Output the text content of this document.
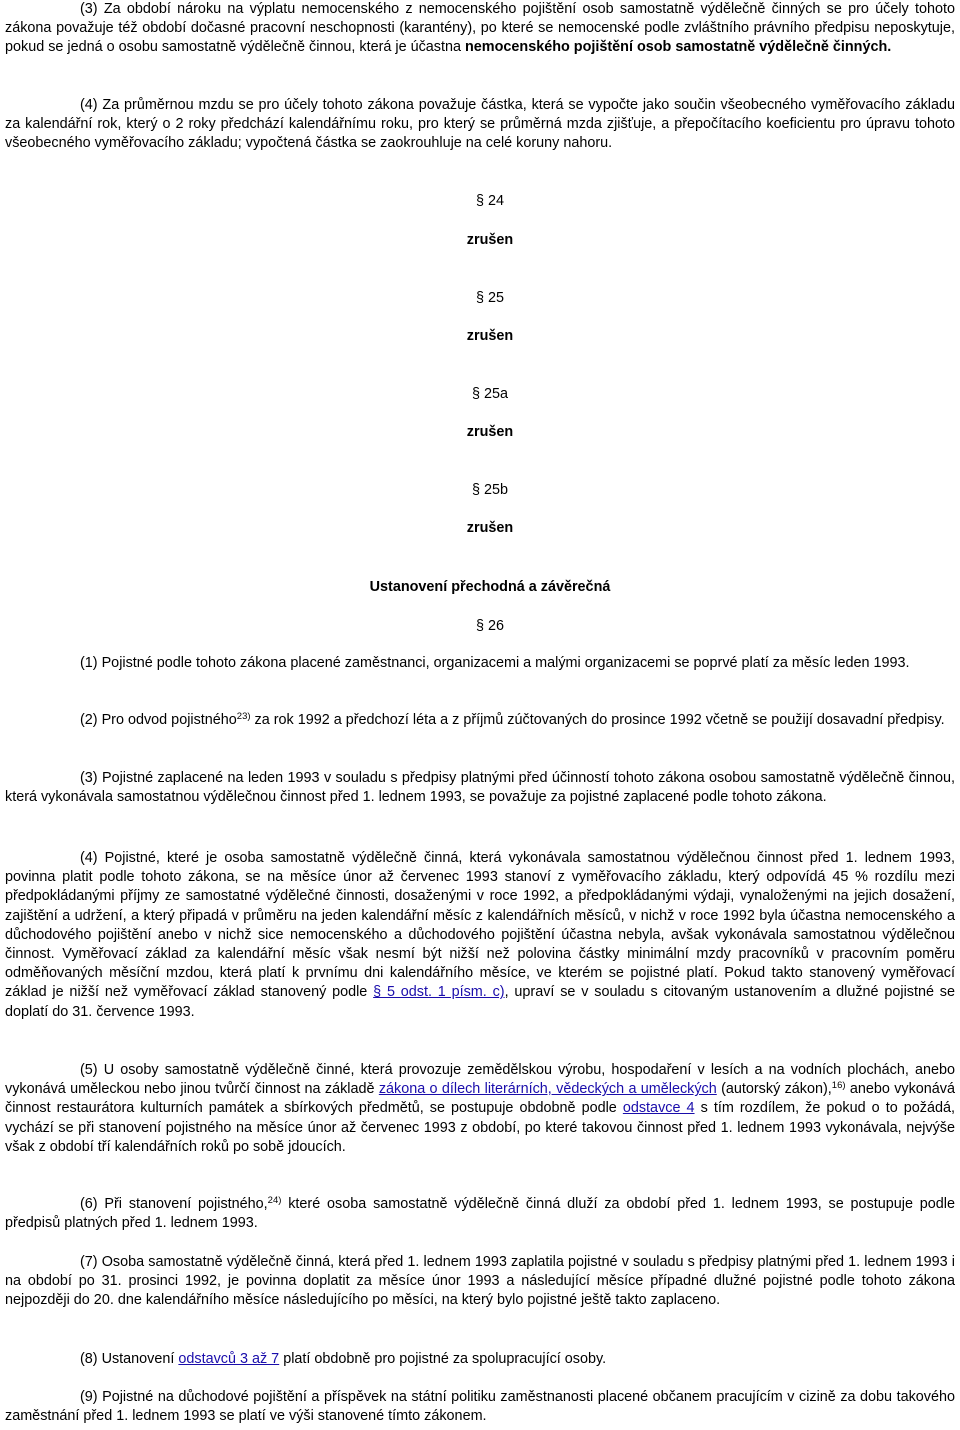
(3) Za období nároku na výplatu nemocenského z nemocenského pojištění osob samostatně výdělečně činných se pro účely tohoto zákona považuje též období dočasné pracovní neschopnosti (karantény), po které se nemocenské podle zvláštního právního předpisu neposkytuje, pokud se jedná o osobu samostatně výdělečně činnou, která je účastna nemocenského pojištění osob samostatně výdělečně činných.

(4) Za průměrnou mzdu se pro účely tohoto zákona považuje částka, která se vypočte jako součin všeobecného vyměřovacího základu za kalendářní rok, který o 2 roky předchází kalendářnímu roku, pro který se průměrná mzda zjišťuje, a přepočítacího koeficientu pro úpravu tohoto všeobecného vyměřovacího základu; vypočtená částka se zaokrouhluje na celé koruny nahoru.

§ 24

zrušen

§ 25

zrušen

§ 25a

zrušen

§ 25b

zrušen

Ustanovení přechodná a závěrečná

§ 26

(1) Pojistné podle tohoto zákona placené zaměstnanci, organizacemi a malými organizacemi se poprvé platí za měsíc leden 1993.

(2) Pro odvod pojistného$^{23)}$ za rok 1992 a předchozí léta a z příjmů zúčtovaných do prosince 1992 včetně se použijí dosavadní předpisy.

(3) Pojistné zaplacené na leden 1993 v souladu s předpisy platnými před účinností tohoto zákona osobou samostatně výdělečně činnou, která vykonávala samostatnou výdělečnou činnost před 1. lednem 1993, se považuje za pojistné zaplacené podle tohoto zákona.

(4) Pojistné, které je osoba samostatně výdělečně činná, která vykonávala samostatnou výdělečnou činnost před 1. lednem 1993, povinna platit podle tohoto zákona, se na měsíce únor až červenec 1993 stanoví z vyměřovacího základu, který odpovídá 45 % rozdílu mezi předpokládanými příjmy ze samostatné výdělečné činnosti, dosaženými v roce 1992, a předpokládanými výdaji, vynaloženými na jejich dosažení, zajištění a udržení, a který připadá v průměru na jeden kalendářní měsíc z kalendářních měsíců, v nichž v roce 1992 byla účastna nemocenského a důchodového pojištění anebo v nichž sice nemocenského a důchodového pojištění účastna nebyla, avšak vykonávala samostatnou výdělečnou činnost. Vyměřovací základ za kalendářní měsíc však nesmí být nižší než polovina částky minimální mzdy pracovníků v pracovním poměru odměňovaných měsíční mzdou, která platí k prvnímu dni kalendářního měsíce, ve kterém se pojistné platí. Pokud takto stanovený vyměřovací základ je nižší než vyměřovací základ stanovený podle § 5 odst. 1 písm. c), upraví se v souladu s citovaným ustanovením a dlužné pojistné se doplatí do 31. července 1993.

(5) U osoby samostatně výdělečně činné, která provozuje zemědělskou výrobu, hospodaření v lesích a na vodních plochách, anebo vykonává uměleckou nebo jinou tvůrčí činnost na základě zákona o dílech literárních, vědeckých a uměleckých (autorský zákon),$^{16)}$ anebo vykonává činnost restaurátora kulturních památek a sbírkových předmětů, se postupuje obdobně podle odstavce 4 s tím rozdílem, že pokud o to požádá, vychází se při stanovení pojistného na měsíce únor až červenec 1993 z období, po které takovou činnost před 1. lednem 1993 vykonávala, nejvýše však z období tří kalendářních roků po sobě jdoucích.

(6) Při stanovení pojistného,$^{24)}$ které osoba samostatně výdělečně činná dluží za období před 1. lednem 1993, se postupuje podle předpisů platných před 1. lednem 1993.

(7) Osoba samostatně výdělečně činná, která před 1. lednem 1993 zaplatila pojistné v souladu s předpisy platnými před 1. lednem 1993 i na období po 31. prosinci 1992, je povinna doplatit za měsíce únor 1993 a následující měsíce případné dlužné pojistné podle tohoto zákona nejpozději do 20. dne kalendářního měsíce následujícího po měsíci, na který bylo pojistné ještě takto zaplaceno.

(8) Ustanovení odstavců 3 až 7 platí obdobně pro pojistné za spolupracující osoby.

(9) Pojistné na důchodové pojištění a příspěvek na státní politiku zaměstnanosti placené občanem pracujícím v cizině za dobu takového zaměstnání před 1. lednem 1993 se platí ve výši stanovené tímto zákonem.
